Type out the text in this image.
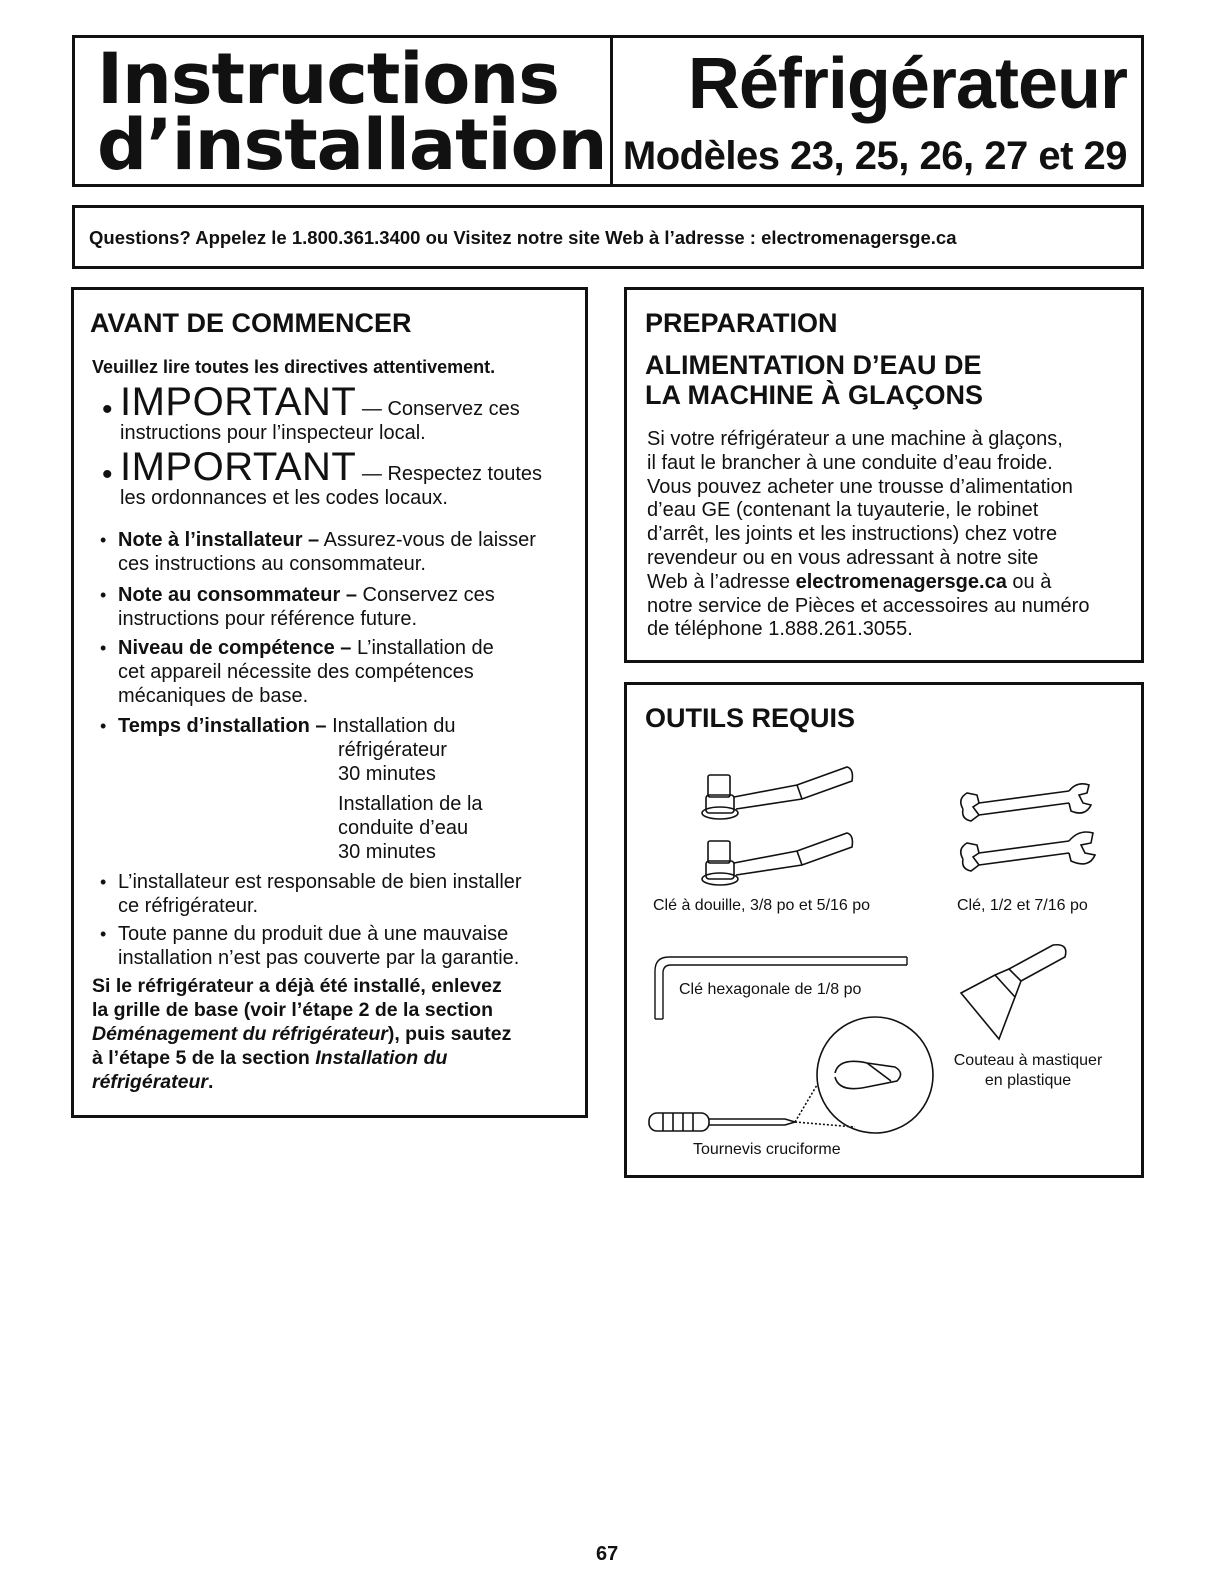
Instructions
d’installation
Réfrigérateur
Modèles 23, 25, 26, 27 et 29
Questions? Appelez le 1.800.361.3400 ou Visitez notre site Web à l’adresse : electromenagersge.ca
AVANT DE COMMENCER
Veuillez lire toutes les directives attentivement.
• IMPORTANT — Conservez ces
instructions pour l’inspecteur local.
• IMPORTANT — Respectez toutes
les ordonnances et les codes locaux.
• Note à l’installateur – Assurez-vous de laisser
ces instructions au consommateur.
• Note au consommateur – Conservez ces
instructions pour référence future.
• Niveau de compétence – L’installation de
cet appareil nécessite des compétences
mécaniques de base.
• Temps d’installation – Installation du
réfrigérateur
30 minutes
Installation de la
conduite d’eau
30 minutes
• L’installateur est responsable de bien installer
ce réfrigérateur.
• Toute panne du produit due à une mauvaise
installation n’est pas couverte par la garantie.
Si le réfrigérateur a déjà été installé, enlevez
la grille de base (voir l’étape 2 de la section
Déménagement du réfrigérateur), puis sautez
à l’étape 5 de la section Installation du
réfrigérateur.
PREPARATION
ALIMENTATION D’EAU DE
LA MACHINE À GLAÇONS
Si votre réfrigérateur a une machine à glaçons,
il faut le brancher à une conduite d’eau froide.
Vous pouvez acheter une trousse d’alimentation
d’eau GE (contenant la tuyauterie, le robinet
d’arrêt, les joints et les instructions) chez votre
revendeur ou en vous adressant à notre site
Web à l’adresse electromenagersge.ca ou à
notre service de Pièces et accessoires au numéro
de téléphone 1.888.261.3055.
OUTILS REQUIS
Clé à douille, 3/8 po et 5/16 po	Clé, 1/2 et 7/16 po
Clé hexagonale de 1/8 po
Couteau à mastiquer
en plastique
Tournevis cruciforme
67
